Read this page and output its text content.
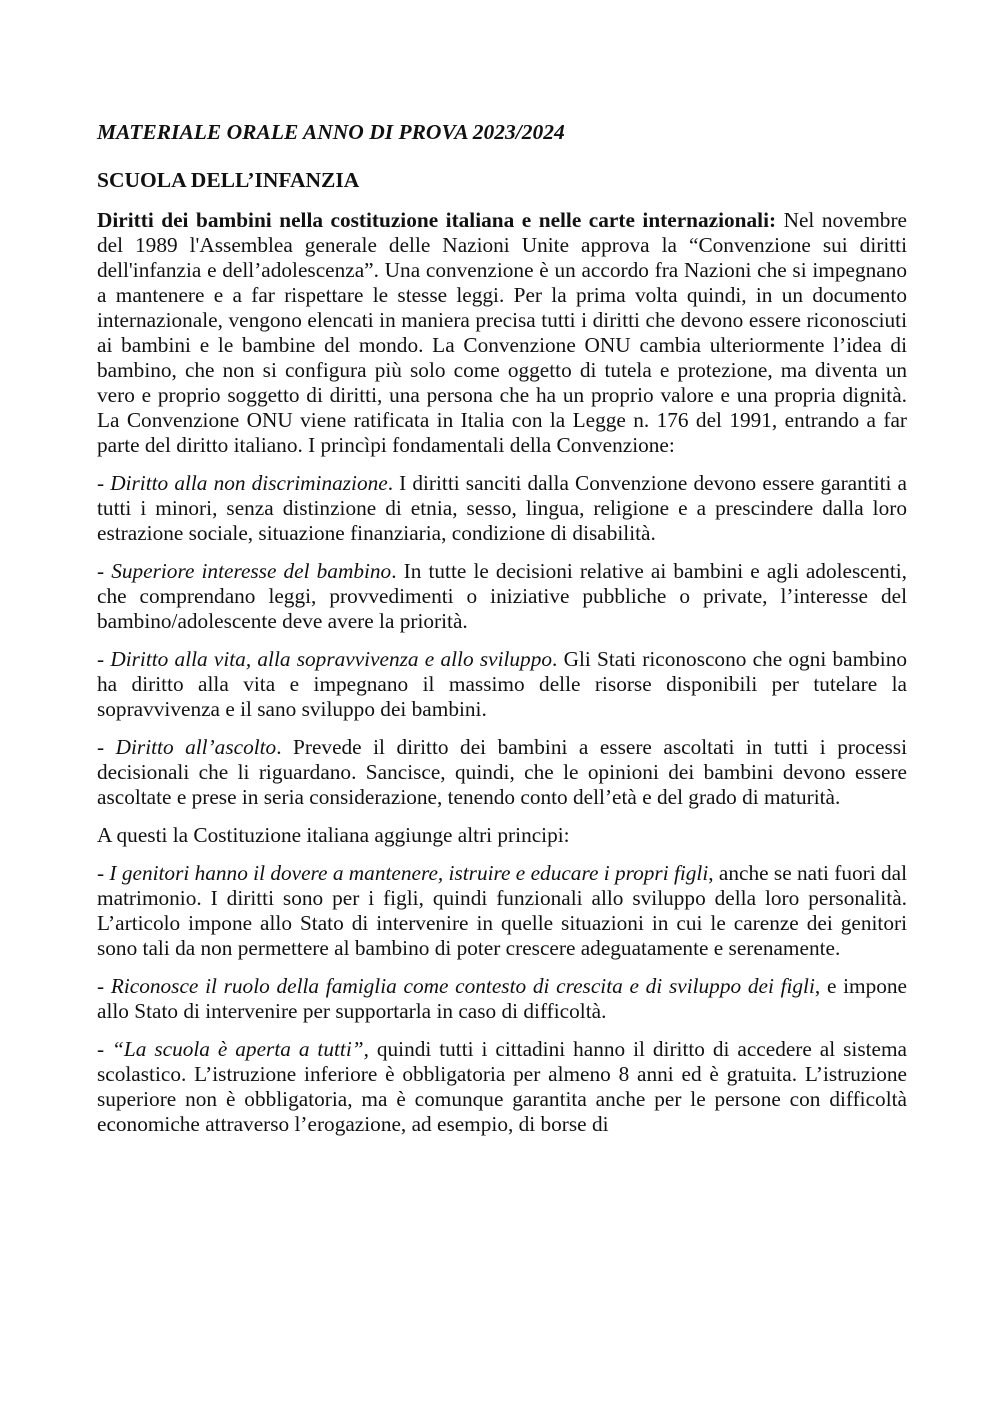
MATERIALE ORALE ANNO DI PROVA 2023/2024
SCUOLA DELL’INFANZIA

Diritti dei bambini nella costituzione italiana e nelle carte internazionali: Nel novembre del 1989 l'Assemblea generale delle Nazioni Unite approva la “Convenzione sui diritti dell'infanzia e dell’adolescenza”. Una convenzione è un accordo fra Nazioni che si impegnano a mantenere e a far rispettare le stesse leggi. Per la prima volta quindi, in un documento internazionale, vengono elencati in maniera precisa tutti i diritti che devono essere riconosciuti ai bambini e le bambine del mondo. La Convenzione ONU cambia ulteriormente l’idea di bambino, che non si configura più solo come oggetto di tutela e protezione, ma diventa un vero e proprio soggetto di diritti, una persona che ha un proprio valore e una propria dignità. La Convenzione ONU viene ratificata in Italia con la Legge n. 176 del 1991, entrando a far parte del diritto italiano. I princìpi fondamentali della Convenzione:

- Diritto alla non discriminazione. I diritti sanciti dalla Convenzione devono essere garantiti a tutti i minori, senza distinzione di etnia, sesso, lingua, religione e a prescindere dalla loro estrazione sociale, situazione finanziaria, condizione di disabilità.

- Superiore interesse del bambino. In tutte le decisioni relative ai bambini e agli adolescenti, che comprendano leggi, provvedimenti o iniziative pubbliche o private, l’interesse del bambino/adolescente deve avere la priorità.

- Diritto alla vita, alla sopravvivenza e allo sviluppo. Gli Stati riconoscono che ogni bambino ha diritto alla vita e impegnano il massimo delle risorse disponibili per tutelare la sopravvivenza e il sano sviluppo dei bambini.

- Diritto all’ascolto. Prevede il diritto dei bambini a essere ascoltati in tutti i processi decisionali che li riguardano. Sancisce, quindi, che le opinioni dei bambini devono essere ascoltate e prese in seria considerazione, tenendo conto dell’età e del grado di maturità.

A questi la Costituzione italiana aggiunge altri principi:

- I genitori hanno il dovere a mantenere, istruire e educare i propri figli, anche se nati fuori dal matrimonio. I diritti sono per i figli, quindi funzionali allo sviluppo della loro personalità. L’articolo impone allo Stato di intervenire in quelle situazioni in cui le carenze dei genitori sono tali da non permettere al bambino di poter crescere adeguatamente e serenamente.

- Riconosce il ruolo della famiglia come contesto di crescita e di sviluppo dei figli, e impone allo Stato di intervenire per supportarla in caso di difficoltà.

- “La scuola è aperta a tutti”, quindi tutti i cittadini hanno il diritto di accedere al sistema scolastico. L’istruzione inferiore è obbligatoria per almeno 8 anni ed è gratuita. L’istruzione superiore non è obbligatoria, ma è comunque garantita anche per le persone con difficoltà economiche attraverso l’erogazione, ad esempio, di borse di
